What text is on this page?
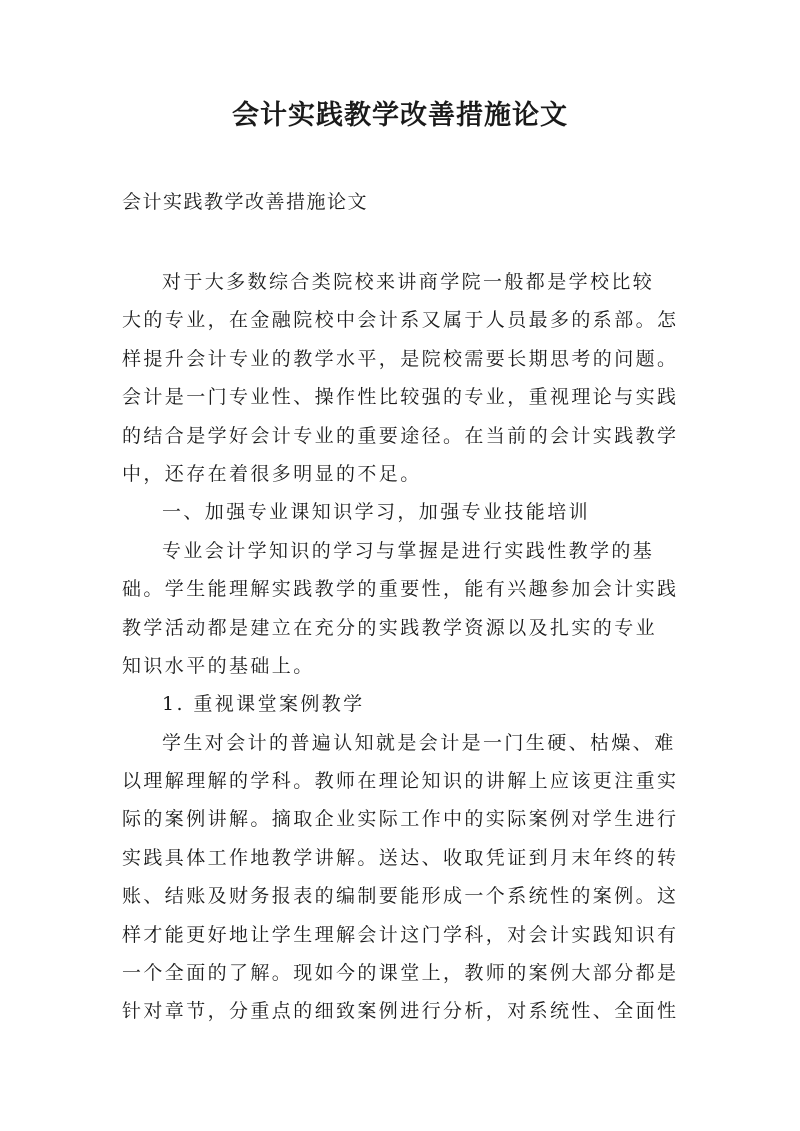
会计实践教学改善措施论文

会计实践教学改善措施论文

对于大多数综合类院校来讲商学院一般都是学校比较
大的专业，在金融院校中会计系又属于人员最多的系部。怎
样提升会计专业的教学水平，是院校需要长期思考的问题。
会计是一门专业性、操作性比较强的专业，重视理论与实践
的结合是学好会计专业的重要途径。在当前的会计实践教学
中，还存在着很多明显的不足。
一、加强专业课知识学习，加强专业技能培训
专业会计学知识的学习与掌握是进行实践性教学的基
础。学生能理解实践教学的重要性，能有兴趣参加会计实践
教学活动都是建立在充分的实践教学资源以及扎实的专业
知识水平的基础上。
1. 重视课堂案例教学
学生对会计的普遍认知就是会计是一门生硬、枯燥、难
以理解理解的学科。教师在理论知识的讲解上应该更注重实
际的案例讲解。摘取企业实际工作中的实际案例对学生进行
实践具体工作地教学讲解。送达、收取凭证到月末年终的转
账、结账及财务报表的编制要能形成一个系统性的案例。这
样才能更好地让学生理解会计这门学科，对会计实践知识有
一个全面的了解。现如今的课堂上，教师的案例大部分都是
针对章节，分重点的细致案例进行分析，对系统性、全面性
